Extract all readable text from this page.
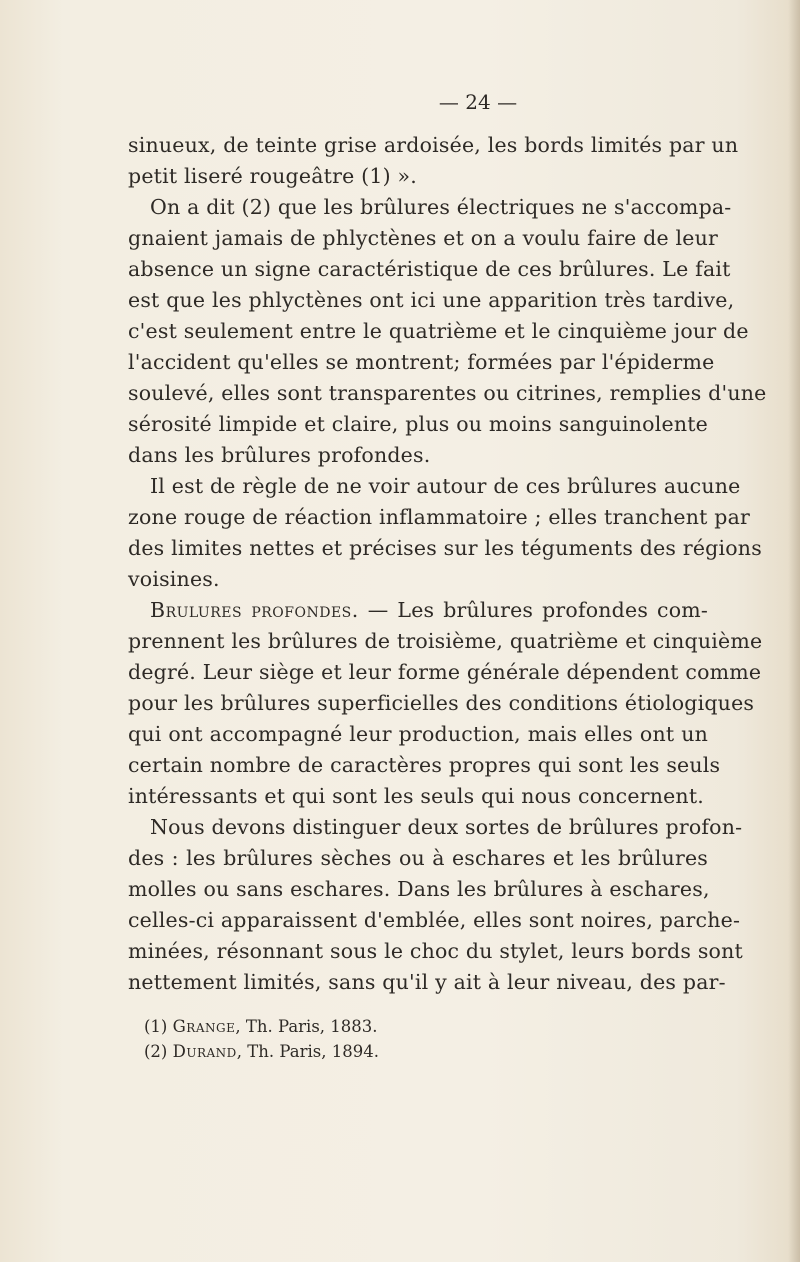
— 24 —
sinueux, de teinte grise ardoisée, les bords limités par un
petit liseré rougeâtre (1) ».
On a dit (2) que les brûlures électriques ne s'accompa-
gnaient jamais de phlyctènes et on a voulu faire de leur
absence un signe caractéristique de ces brûlures. Le fait
est que les phlyctènes ont ici une apparition très tardive,
c'est seulement entre le quatrième et le cinquième jour de
l'accident qu'elles se montrent; formées par l'épiderme
soulevé, elles sont transparentes ou citrines, remplies d'une
sérosité limpide et claire, plus ou moins sanguinolente
dans les brûlures profondes.
Il est de règle de ne voir autour de ces brûlures aucune
zone rouge de réaction inflammatoire ; elles tranchent par
des limites nettes et précises sur les téguments des régions
voisines.
Brulures profondes. — Les brûlures profondes com-
prennent les brûlures de troisième, quatrième et cinquième
degré. Leur siège et leur forme générale dépendent comme
pour les brûlures superficielles des conditions étiologiques
qui ont accompagné leur production, mais elles ont un
certain nombre de caractères propres qui sont les seuls
intéressants et qui sont les seuls qui nous concernent.
Nous devons distinguer deux sortes de brûlures profon-
des : les brûlures sèches ou à eschares et les brûlures
molles ou sans eschares. Dans les brûlures à eschares,
celles-ci apparaissent d'emblée, elles sont noires, parche-
minées, résonnant sous le choc du stylet, leurs bords sont
nettement limités, sans qu'il y ait à leur niveau, des par-
(1) Grange, Th. Paris, 1883.
(2) Durand, Th. Paris, 1894.
